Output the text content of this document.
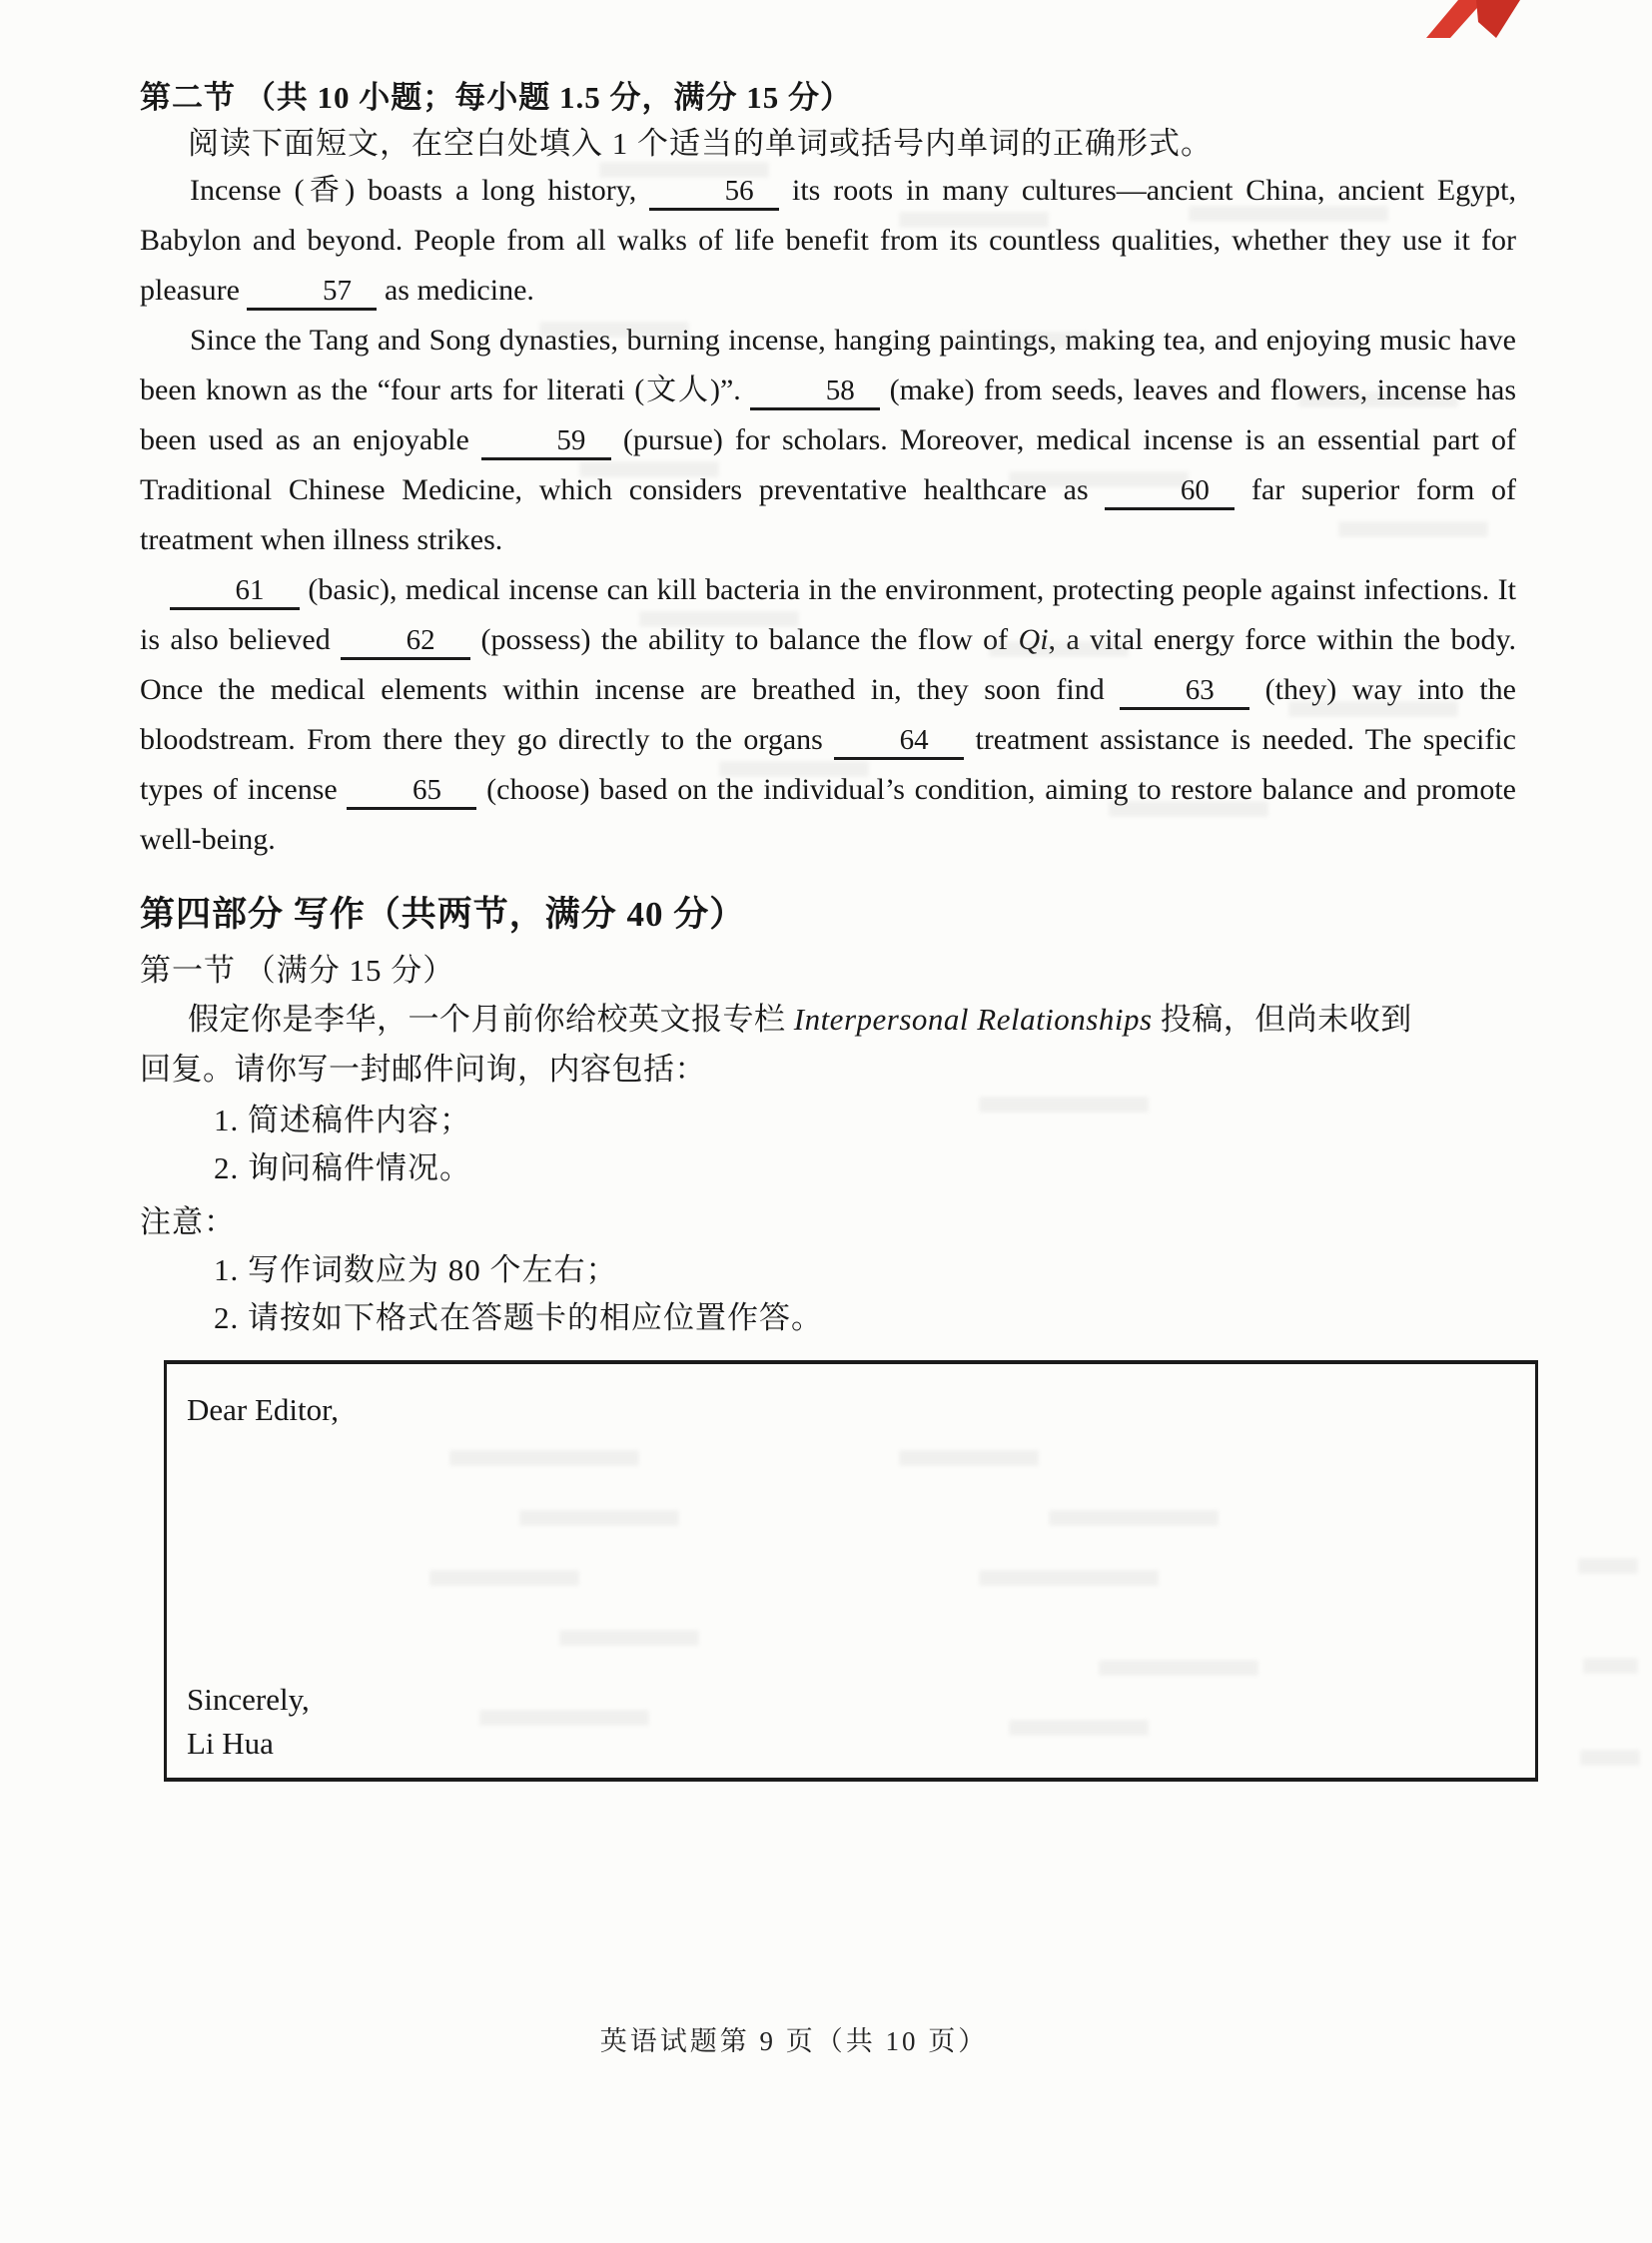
第二节 （共 10 小题；每小题 1.5 分，满分 15 分）
阅读下面短文，在空白处填入 1 个适当的单词或括号内单词的正确形式。

Incense (香) boasts a long history,	56 its roots in many cultures—ancient China, ancient Egypt, Babylon and beyond. People from all walks of life benefit from its countless qualities, whether they use it for pleasure	57 as medicine.

Since the Tang and Song dynasties, burning incense, hanging paintings, making tea, and enjoying music have been known as the “four arts for literati (文人)”.	58 (make) from seeds, leaves and flowers, incense has been used as an enjoyable	59 (pursue) for scholars. Moreover, medical incense is an essential part of Traditional Chinese Medicine, which considers preventative healthcare as	60 far superior form of treatment when illness strikes.

61 (basic), medical incense can kill bacteria in the environment, protecting people against infections. It is also believed 62 (possess) the ability to balance the flow of Qi, a vital energy force within the body. Once the medical elements within incense are breathed in, they soon find 63 (they) way into the bloodstream. From there they go directly to the organs 64 treatment assistance is needed. The specific types of incense 65 (choose) based on the individual’s condition, aiming to restore balance and promote well-being.

第四部分 写作（共两节，满分 40 分）
第一节 （满分 15 分）
假定你是李华，一个月前你给校英文报专栏 Interpersonal Relationships 投稿，但尚未收到
回复。请你写一封邮件问询，内容包括：
1. 简述稿件内容；
2. 询问稿件情况。
注意：
1. 写作词数应为 80 个左右；
2. 请按如下格式在答题卡的相应位置作答。
Dear Editor,
Sincerely,
Li Hua
英语试题第 9 页（共 10 页）
